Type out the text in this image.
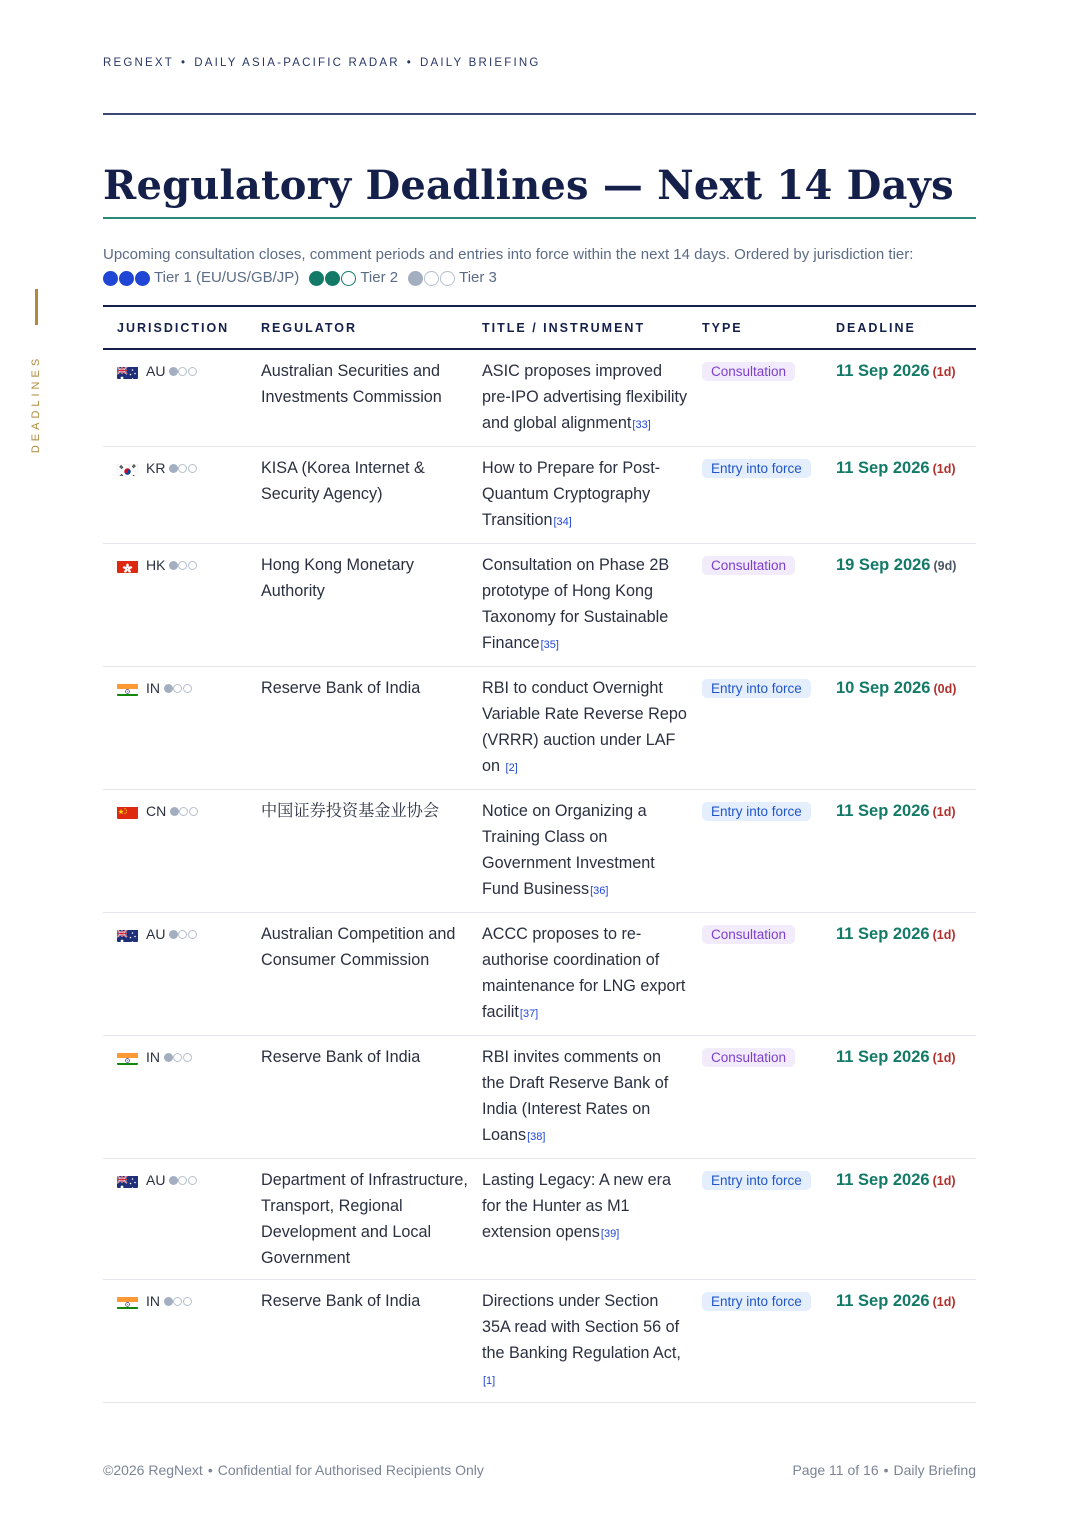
REGNEXT • DAILY ASIA-PACIFIC RADAR • DAILY BRIEFING
DEADLINES
Regulatory Deadlines — Next 14 Days

Upcoming consultation closes, comment periods and entries into force within the next 14 days. Ordered by jurisdiction tier:

Tier 1 (EU/US/GB/JP)	Tier 2	Tier 3
JURISDICTION	REGULATOR	TITLE / INSTRUMENT	TYPE	DEADLINE

AU	Australian Securities and Investments Commission	ASIC proposes improved pre-IPO advertising flexibility and global alignment[33]	Consultation	11 Sep 2026 (1d)

KR	KISA (Korea Internet & Security Agency)	How to Prepare for Post-Quantum Cryptography Transition[34]	Entry into force	11 Sep 2026 (1d)

HK	Hong Kong Monetary Authority	Consultation on Phase 2B prototype of Hong Kong Taxonomy for Sustainable Finance[35]	Consultation	19 Sep 2026 (9d)

IN	Reserve Bank of India	RBI to conduct Overnight Variable Rate Reverse Repo (VRRR) auction under LAF on [2]	Entry into force	10 Sep 2026 (0d)

CN	中国证券投资基金业协会	Notice on Organizing a Training Class on Government Investment Fund Business[36]	Entry into force	11 Sep 2026 (1d)

AU	Australian Competition and Consumer Commission	ACCC proposes to re-authorise coordination of maintenance for LNG export facilit[37]	Consultation	11 Sep 2026 (1d)

IN	Reserve Bank of India	RBI invites comments on the Draft Reserve Bank of India (Interest Rates on Loans[38]	Consultation	11 Sep 2026 (1d)

AU	Department of Infrastructure, Transport, Regional Development and Local Government	Lasting Legacy: A new era for the Hunter as M1 extension opens[39]	Entry into force	11 Sep 2026 (1d)

IN	Reserve Bank of India	Directions under Section 35A read with Section 56 of the Banking Regulation Act,[1]	Entry into force	11 Sep 2026 (1d)
©2026 RegNext • Confidential for Authorised Recipients Only	Page 11 of 16 • Daily Briefing
